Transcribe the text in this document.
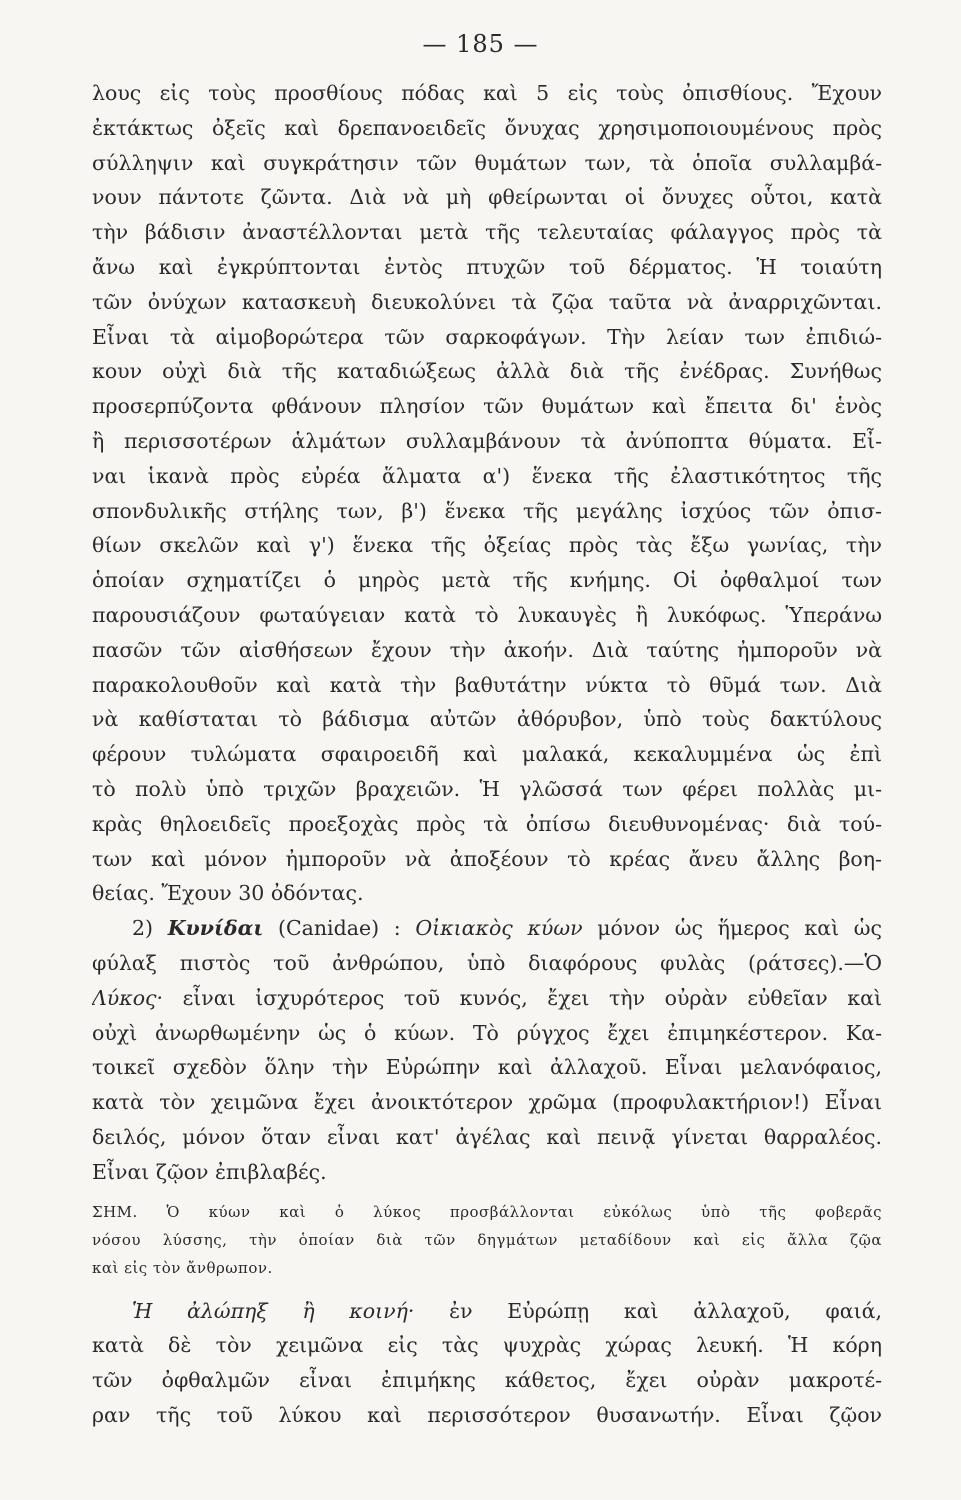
— 185 —
λους εἰς τοὺς προσθίους πόδας καὶ 5 εἰς τοὺς ὀπισθίους. Ἔχουν
ἐκτάκτως ὀξεῖς καὶ δρεπανοειδεῖς ὄνυχας χρησιμοποιουμένους πρὸς
σύλληψιν καὶ συγκράτησιν τῶν θυμάτων των, τὰ ὁποῖα συλλαμβά-
νουν πάντοτε ζῶντα. Διὰ νὰ μὴ φθείρωνται οἱ ὄνυχες οὗτοι, κατὰ
τὴν βάδισιν ἀναστέλλονται μετὰ τῆς τελευταίας φάλαγγος πρὸς τὰ
ἄνω καὶ ἐγκρύπτονται ἐντὸς πτυχῶν τοῦ δέρματος. Ἡ τοιαύτη
τῶν ὀνύχων κατασκευὴ διευκολύνει τὰ ζῷα ταῦτα νὰ ἀναρριχῶνται.
Εἶναι τὰ αἱμοβορώτερα τῶν σαρκοφάγων. Τὴν λείαν των ἐπιδιώ-
κουν οὐχὶ διὰ τῆς καταδιώξεως ἀλλὰ διὰ τῆς ἐνέδρας. Συνήθως
προσερπύζοντα φθάνουν πλησίον τῶν θυμάτων καὶ ἔπειτα δι' ἑνὸς
ἢ περισσοτέρων ἁλμάτων συλλαμβάνουν τὰ ἀνύποπτα θύματα. Εἶ-
ναι ἱκανὰ πρὸς εὐρέα ἅλματα α') ἕνεκα τῆς ἐλαστικότητος τῆς
σπονδυλικῆς στήλης των, β') ἕνεκα τῆς μεγάλης ἰσχύος τῶν ὀπισ-
θίων σκελῶν καὶ γ') ἕνεκα τῆς ὀξείας πρὸς τὰς ἔξω γωνίας, τὴν
ὁποίαν σχηματίζει ὁ μηρὸς μετὰ τῆς κνήμης. Οἱ ὀφθαλμοί των
παρουσιάζουν φωταύγειαν κατὰ τὸ λυκαυγὲς ἢ λυκόφως. Ὑπεράνω
πασῶν τῶν αἰσθήσεων ἔχουν τὴν ἀκοήν. Διὰ ταύτης ἠμποροῦν νὰ
παρακολουθοῦν καὶ κατὰ τὴν βαθυτάτην νύκτα τὸ θῦμά των. Διὰ
νὰ καθίσταται τὸ βάδισμα αὐτῶν ἀθόρυβον, ὑπὸ τοὺς δακτύλους
φέρουν τυλώματα σφαιροειδῆ καὶ μαλακά, κεκαλυμμένα ὡς ἐπὶ
τὸ πολὺ ὑπὸ τριχῶν βραχειῶν. Ἡ γλῶσσά των φέρει πολλὰς μι-
κρὰς θηλοειδεῖς προεξοχὰς πρὸς τὰ ὀπίσω διευθυνομένας· διὰ τού-
των καὶ μόνον ἠμποροῦν νὰ ἀποξέουν τὸ κρέας ἄνευ ἄλλης βοη-
θείας. Ἔχουν 30 ὀδόντας.
2) Κυνίδαι (Canidae) : Οἰκιακὸς κύων μόνον ὡς ἥμερος καὶ ὡς
φύλαξ πιστὸς τοῦ ἀνθρώπου, ὑπὸ διαφόρους φυλὰς (ράτσες).—Ὁ
Λύκος· εἶναι ἰσχυρότερος τοῦ κυνός, ἔχει τὴν οὐρὰν εὐθεῖαν καὶ
οὐχὶ ἀνωρθωμένην ὡς ὁ κύων. Τὸ ρύγχος ἔχει ἐπιμηκέστερον. Κα-
τοικεῖ σχεδὸν ὅλην τὴν Εὐρώπην καὶ ἀλλαχοῦ. Εἶναι μελανόφαιος,
κατὰ τὸν χειμῶνα ἔχει ἀνοικτότερον χρῶμα (προφυλακτήριον!) Εἶναι
δειλός, μόνον ὅταν εἶναι κατ' ἀγέλας καὶ πεινᾷ γίνεται θαρραλέος.
Εἶναι ζῷον ἐπιβλαβές.
ΣΗΜ. Ὁ κύων καὶ ὁ λύκος προσβάλλονται εὐκόλως ὑπὸ τῆς φοβερᾶς
νόσου λύσσης, τὴν ὁποίαν διὰ τῶν δηγμάτων μεταδίδουν καὶ εἰς ἄλλα ζῷα
καὶ εἰς τὸν ἄνθρωπον.
Ἡ ἀλώπηξ ἢ κοινή· ἐν Εὐρώπῃ καὶ ἀλλαχοῦ, φαιά,
κατὰ δὲ τὸν χειμῶνα εἰς τὰς ψυχρὰς χώρας λευκή. Ἡ κόρη
τῶν ὀφθαλμῶν εἶναι ἐπιμήκης κάθετος, ἔχει οὐρὰν μακροτέ-
ραν τῆς τοῦ λύκου καὶ περισσότερον θυσανωτήν. Εἶναι ζῷον
